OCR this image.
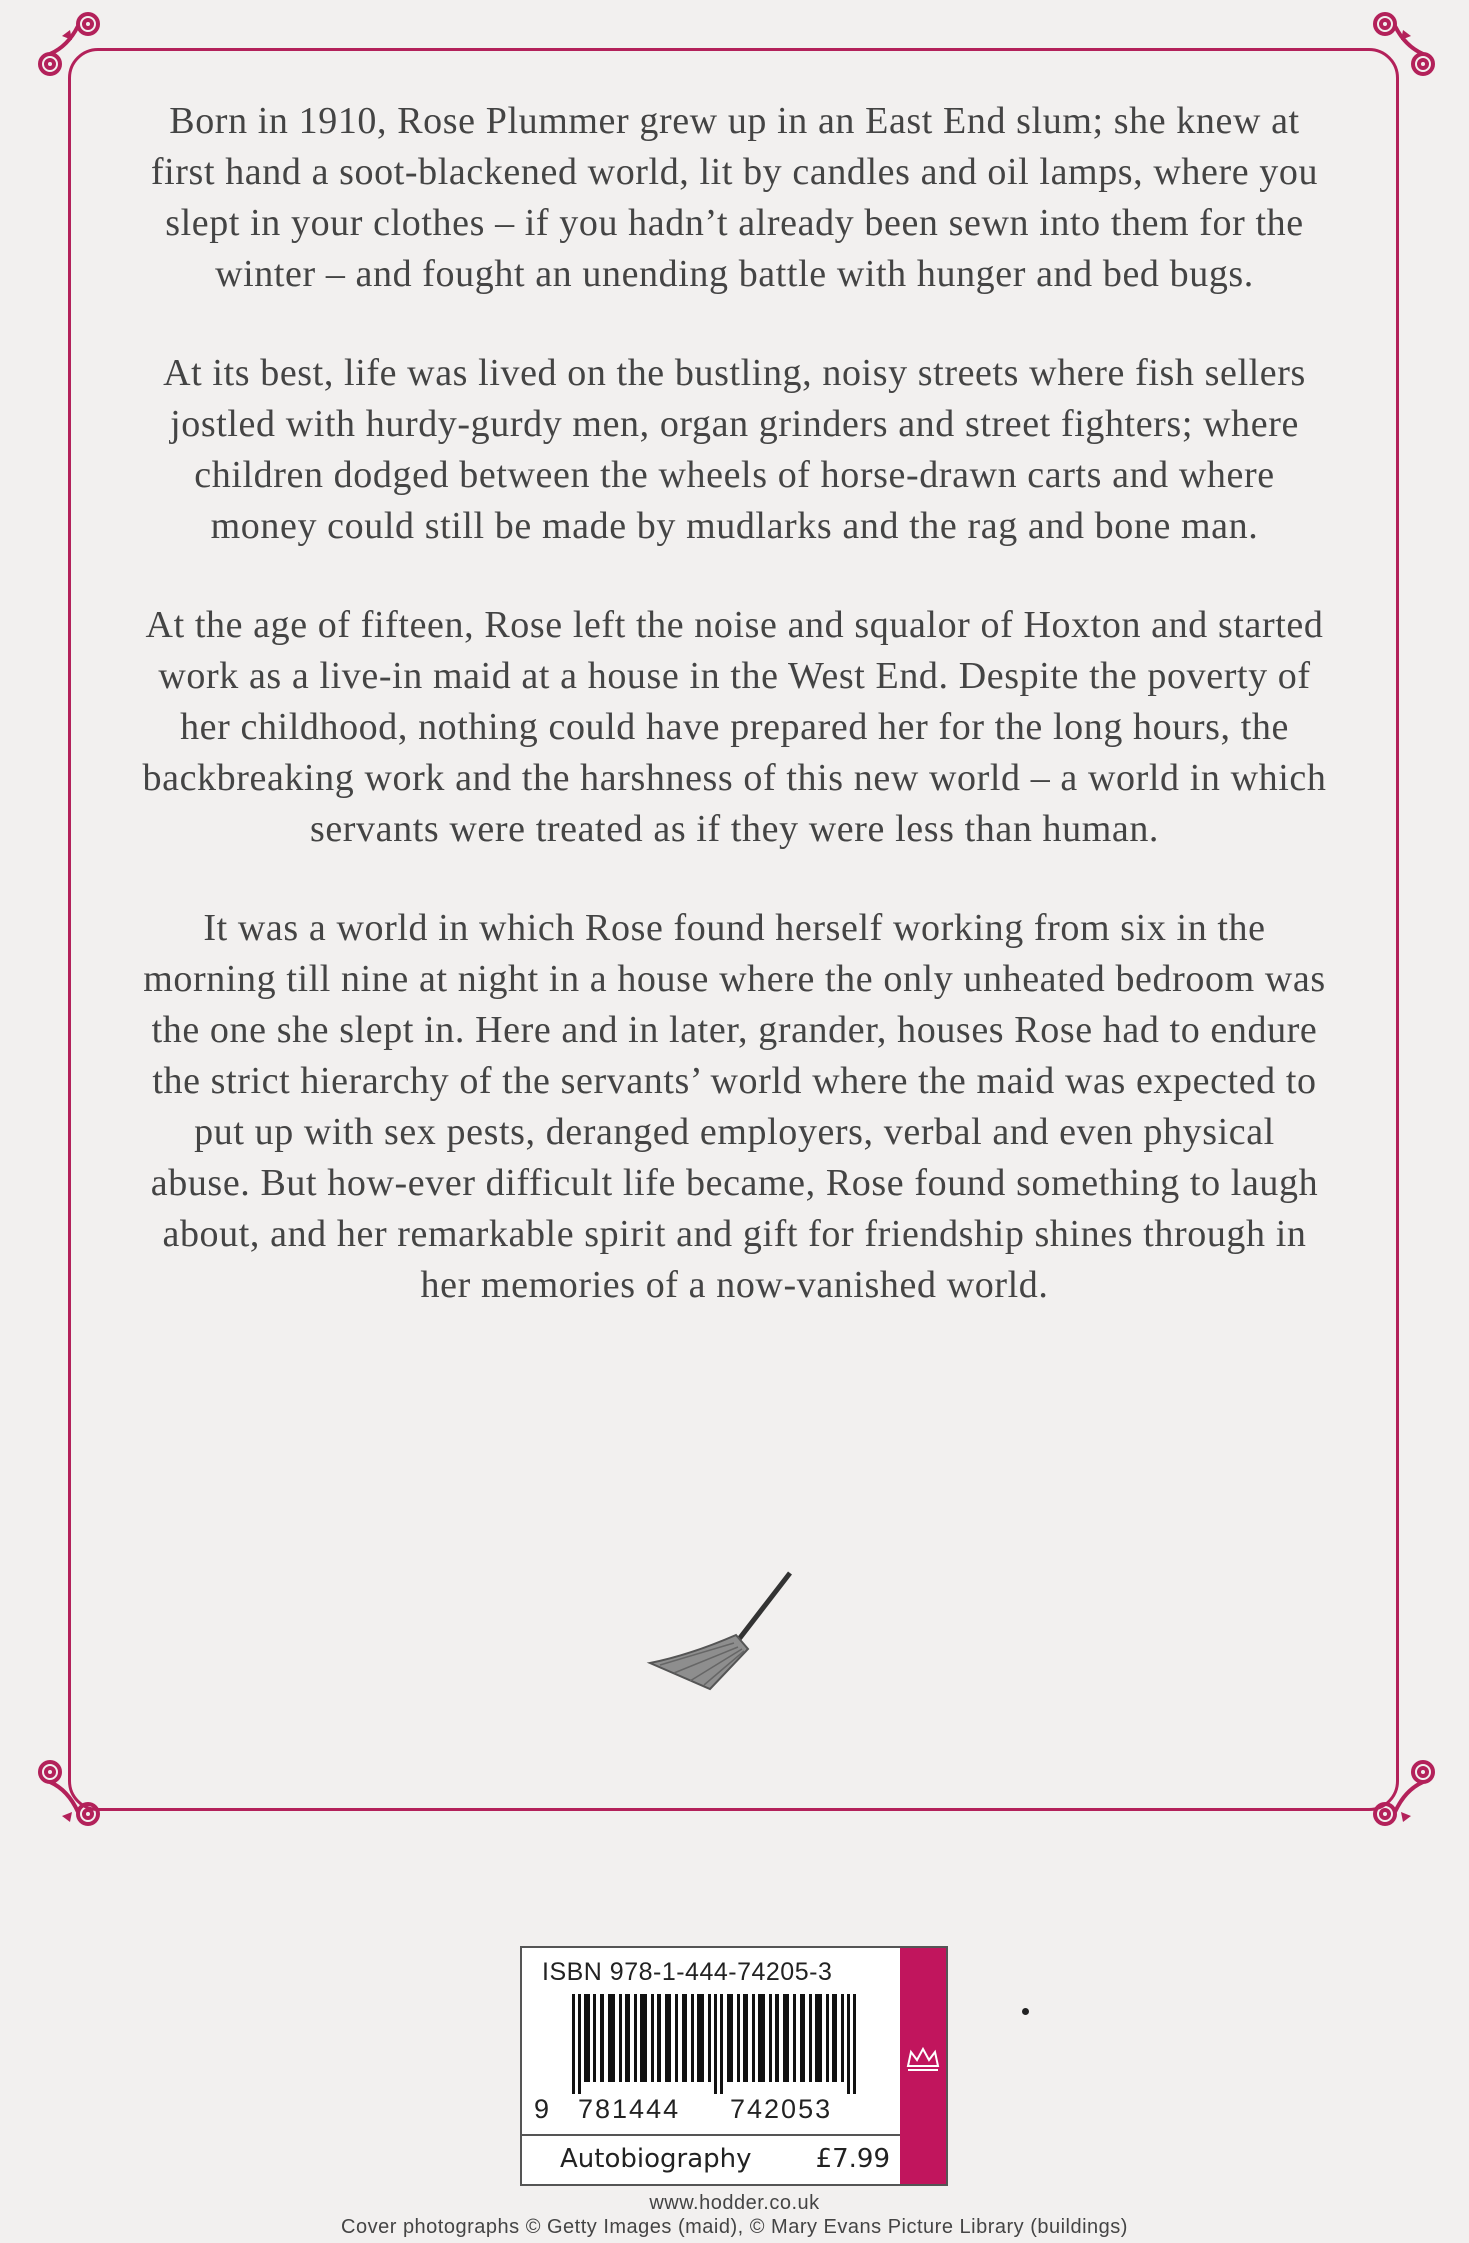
Born in 1910, Rose Plummer grew up in an East End slum; she knew at first hand a soot-blackened world, lit by candles and oil lamps, where you slept in your clothes – if you hadn’t already been sewn into them for the winter – and fought an unending battle with hunger and bed bugs.

At its best, life was lived on the bustling, noisy streets where fish sellers jostled with hurdy-gurdy men, organ grinders and street fighters; where children dodged between the wheels of horse-drawn carts and where money could still be made by mudlarks and the rag and bone man.

At the age of fifteen, Rose left the noise and squalor of Hoxton and started work as a live-in maid at a house in the West End. Despite the poverty of her childhood, nothing could have prepared her for the long hours, the backbreaking work and the harshness of this new world – a world in which servants were treated as if they were less than human.

It was a world in which Rose found herself working from six in the morning till nine at night in a house where the only unheated bedroom was the one she slept in. Here and in later, grander, houses Rose had to endure the strict hierarchy of the servants’ world where the maid was expected to put up with sex pests, deranged employers, verbal and even physical abuse. But how-ever difficult life became, Rose found something to laugh about, and her remarkable spirit and gift for friendship shines through in her memories of a now-vanished world.

ISBN 978-1-444-74205-3
9 781444 742053
Autobiography £7.99
www.hodder.co.uk
Cover photographs © Getty Images (maid), © Mary Evans Picture Library (buildings)
